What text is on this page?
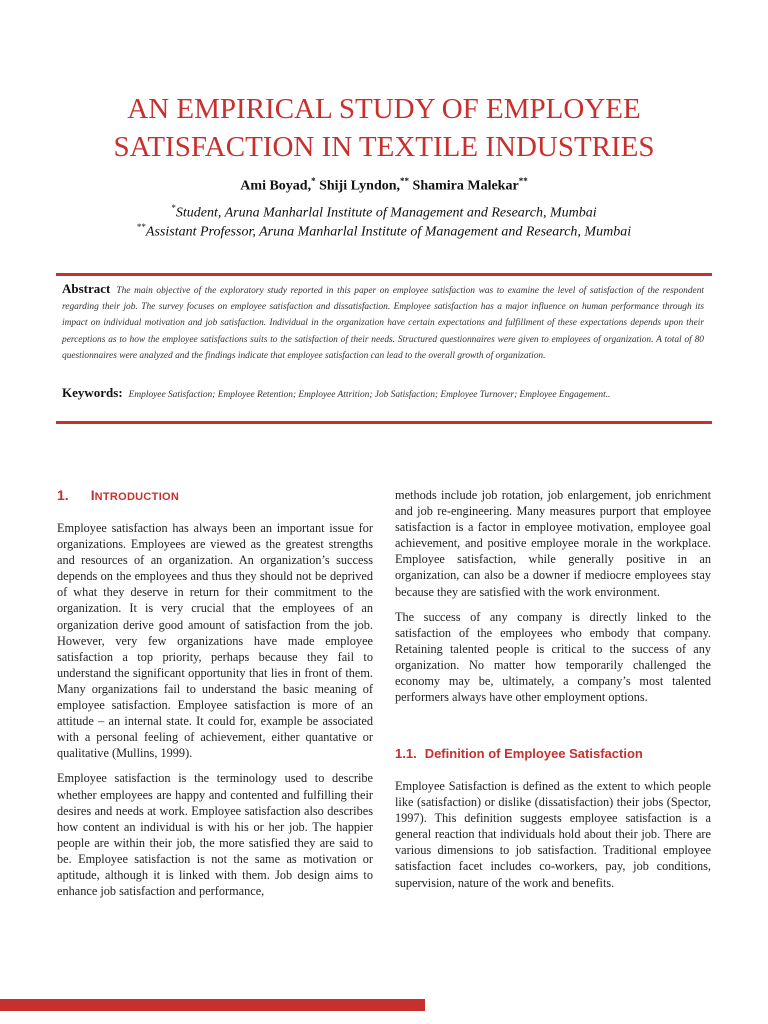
AN EMPIRICAL STUDY OF EMPLOYEE
SATISFACTION IN TEXTILE INDUSTRIES
Ami Boyad,* Shiji Lyndon,** Shamira Malekar**
*Student, Aruna Manharlal Institute of Management and Research, Mumbai
**Assistant Professor, Aruna Manharlal Institute of Management and Research, Mumbai

Abstract The main objective of the exploratory study reported in this paper on employee satisfaction was to examine the level of satisfaction of the respondent regarding their job. The survey focuses on employee satisfaction and dissatisfaction. Employee satisfaction has a major influence on human performance through its impact on individual motivation and job satisfaction. Individual in the organization have certain expectations and fulfillment of these expectations depends upon their perceptions as to how the employee satisfactions suits to the satisfaction of their needs. Structured questionnaires were given to employees of organization. A total of 80 questionnaires were analyzed and the findings indicate that employee satisfaction can lead to the overall growth of organization.

Keywords: Employee Satisfaction; Employee Retention; Employee Attrition; Job Satisfaction; Employee Turnover; Employee Engagement..

1. INTRODUCTION

Employee satisfaction has always been an important issue for organizations. Employees are viewed as the greatest strengths and resources of an organization. An organization’s success depends on the employees and thus they should not be deprived of what they deserve in return for their commitment to the organization. It is very crucial that the employees of an organization derive good amount of satisfaction from the job. However, very few organizations have made employee satisfaction a top priority, perhaps because they fail to understand the significant opportunity that lies in front of them. Many organizations fail to understand the basic meaning of employee satisfaction. Employee satisfaction is more of an attitude – an internal state. It could for, example be associated with a personal feeling of achievement, either quantative or qualitative (Mullins, 1999).

Employee satisfaction is the terminology used to describe whether employees are happy and contented and fulfilling their desires and needs at work. Employee satisfaction also describes how content an individual is with his or her job. The happier people are within their job, the more satisfied they are said to be. Employee satisfaction is not the same as motivation or aptitude, although it is linked with them. Job design aims to enhance job satisfaction and performance,

methods include job rotation, job enlargement, job enrichment and job re-engineering. Many measures purport that employee satisfaction is a factor in employee motivation, employee goal achievement, and positive employee morale in the workplace. Employee satisfaction, while generally positive in an organization, can also be a downer if mediocre employees stay because they are satisfied with the work environment.

The success of any company is directly linked to the satisfaction of the employees who embody that company. Retaining talented people is critical to the success of any organization. No matter how temporarily challenged the economy may be, ultimately, a company’s most talented performers always have other employment options.

1.1. Definition of Employee Satisfaction

Employee Satisfaction is defined as the extent to which people like (satisfaction) or dislike (dissatisfaction) their jobs (Spector, 1997). This definition suggests employee satisfaction is a general reaction that individuals hold about their job. There are various dimensions to job satisfaction. Traditional employee satisfaction facet includes co-workers, pay, job conditions, supervision, nature of the work and benefits.
